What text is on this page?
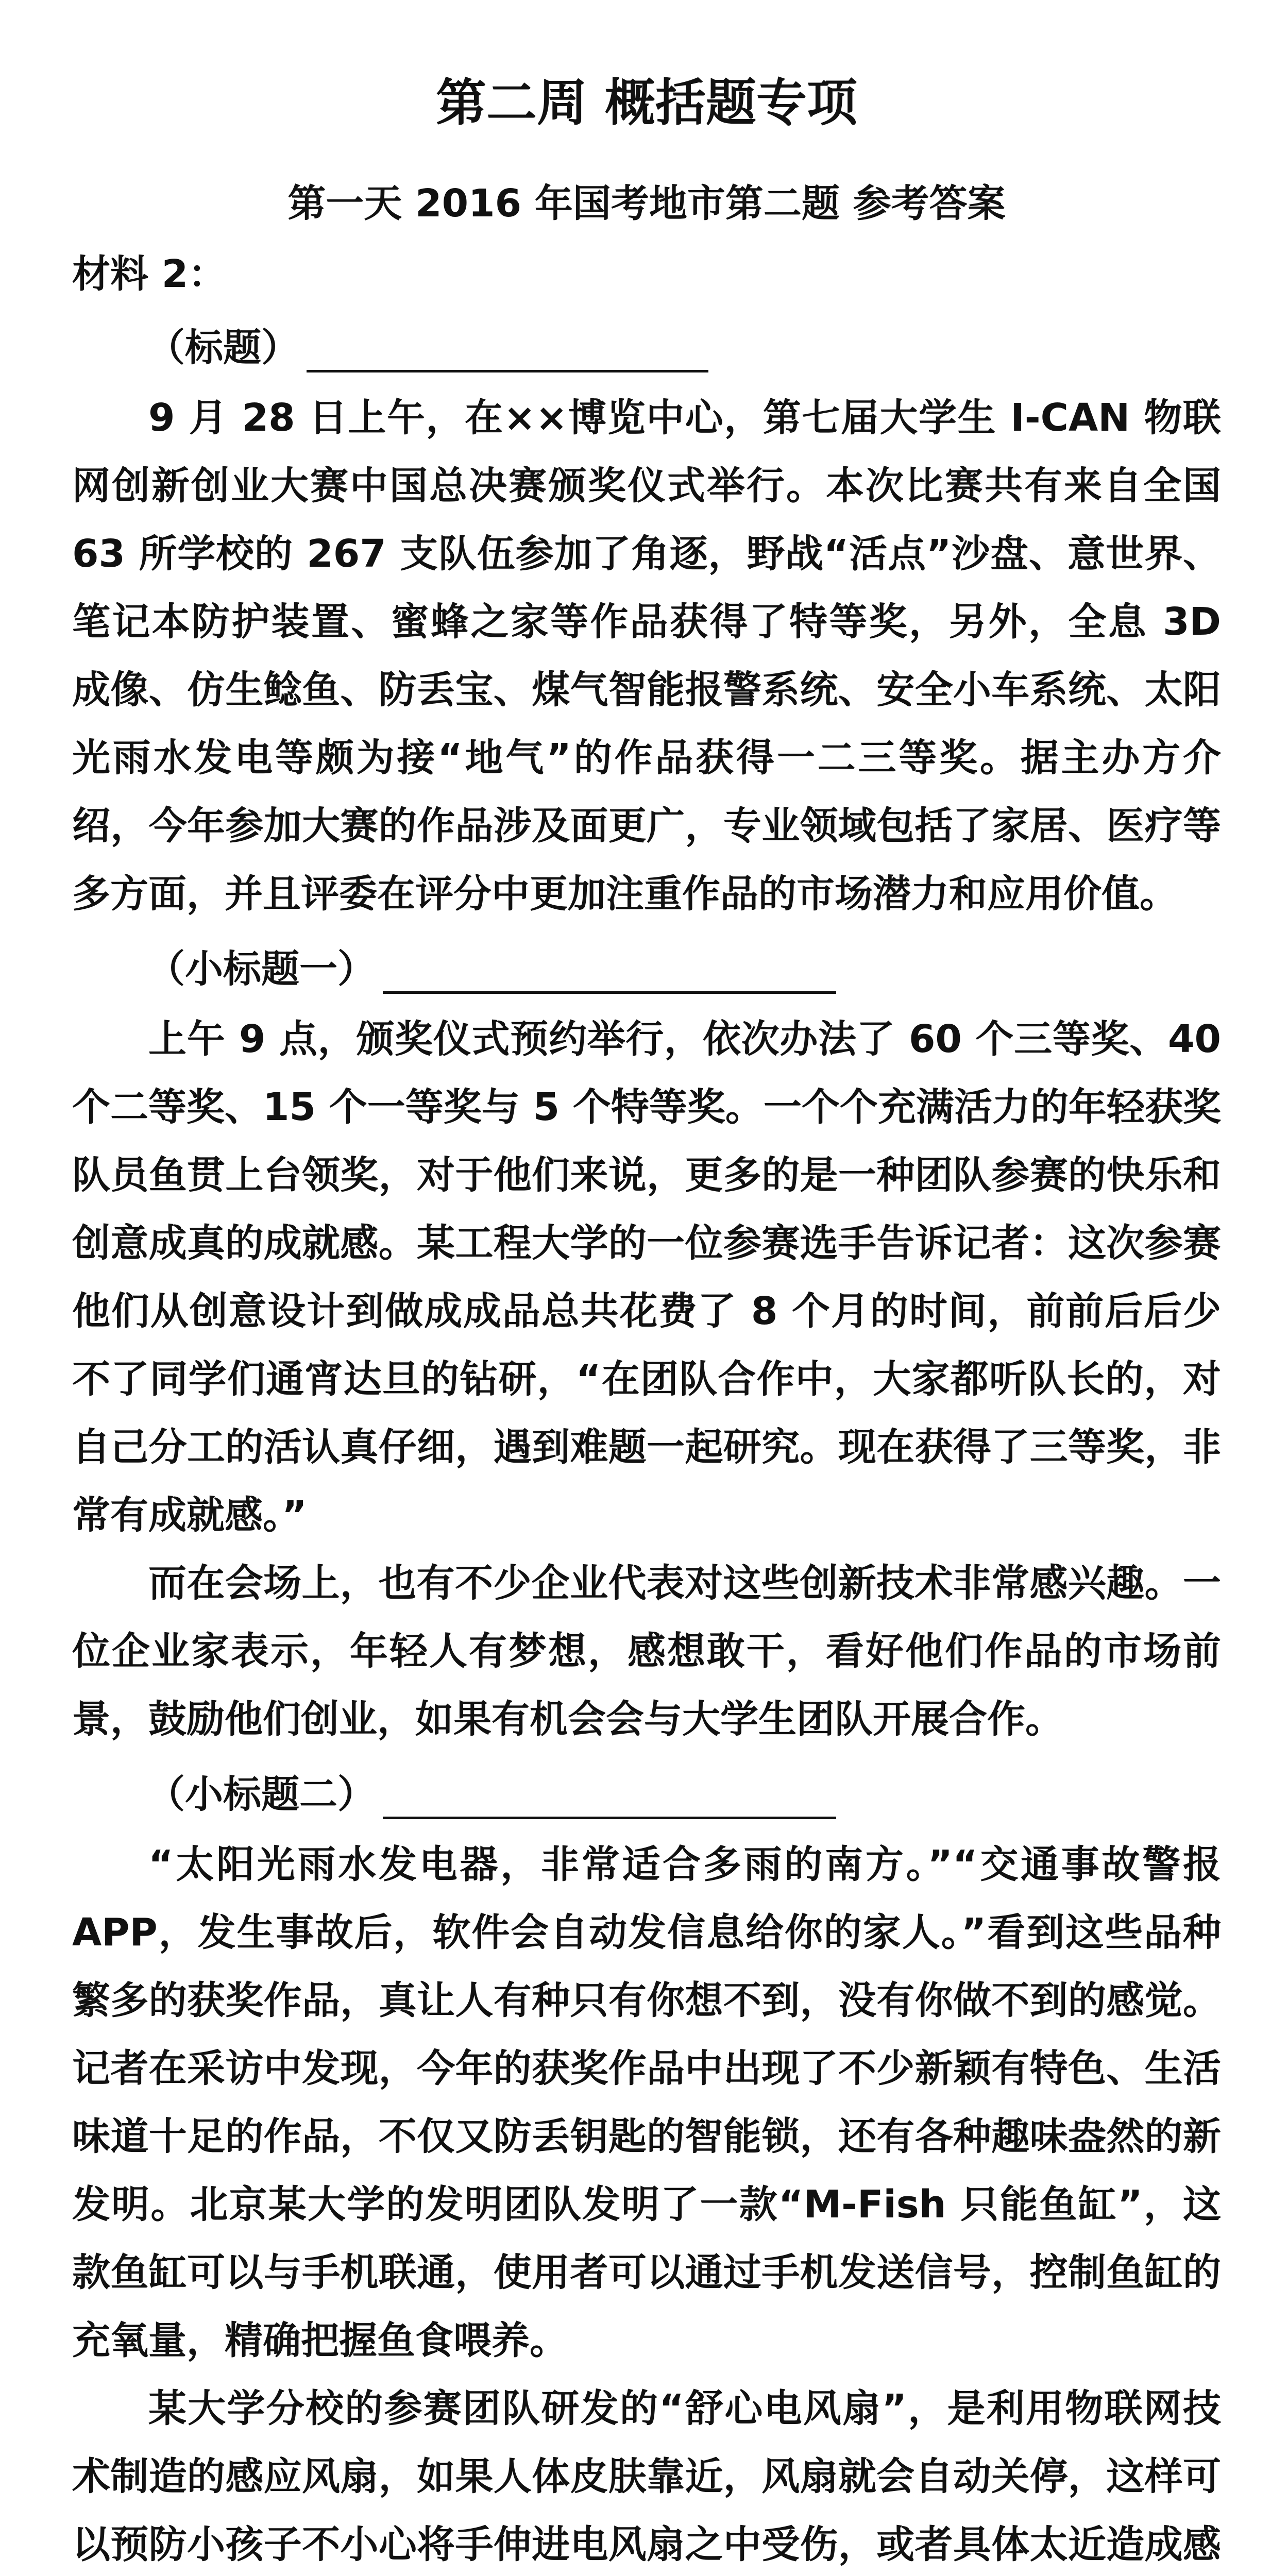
第二周 概括题专项
第一天 2016 年国考地市第二题 参考答案
材料 2：
（标题）

9 月 28 日上午，在××博览中心，第七届大学生 I-CAN 物联网创新创业大赛中国总决赛颁奖仪式举行。本次比赛共有来自全国 63 所学校的 267 支队伍参加了角逐，野战“活点”沙盘、意世界、笔记本防护装置、蜜蜂之家等作品获得了特等奖，另外，全息 3D 成像、仿生鲶鱼、防丢宝、煤气智能报警系统、安全小车系统、太阳光雨水发电等颇为接“地气”的作品获得一二三等奖。据主办方介绍，今年参加大赛的作品涉及面更广，专业领域包括了家居、医疗等多方面，并且评委在评分中更加注重作品的市场潜力和应用价值。

（小标题一）

上午 9 点，颁奖仪式预约举行，依次办法了 60 个三等奖、40 个二等奖、15 个一等奖与 5 个特等奖。一个个充满活力的年轻获奖队员鱼贯上台领奖，对于他们来说，更多的是一种团队参赛的快乐和创意成真的成就感。某工程大学的一位参赛选手告诉记者：这次参赛他们从创意设计到做成成品总共花费了 8 个月的时间，前前后后少不了同学们通宵达旦的钻研，“在团队合作中，大家都听队长的，对自己分工的活认真仔细，遇到难题一起研究。现在获得了三等奖，非常有成就感。”

而在会场上，也有不少企业代表对这些创新技术非常感兴趣。一位企业家表示，年轻人有梦想，感想敢干，看好他们作品的市场前景，鼓励他们创业，如果有机会会与大学生团队开展合作。

（小标题二）

“太阳光雨水发电器，非常适合多雨的南方。”“交通事故警报 APP，发生事故后，软件会自动发信息给你的家人。”看到这些品种繁多的获奖作品，真让人有种只有你想不到，没有你做不到的感觉。记者在采访中发现，今年的获奖作品中出现了不少新颖有特色、生活味道十足的作品，不仅又防丢钥匙的智能锁，还有各种趣味盎然的新发明。北京某大学的发明团队发明了一款“M-Fish 只能鱼缸”，这款鱼缸可以与手机联通，使用者可以通过手机发送信号，控制鱼缸的充氧量，精确把握鱼食喂养。

某大学分校的参赛团队研发的“舒心电风扇”，是利用物联网技术制造的感应风扇，如果人体皮肤靠近，风扇就会自动关停，这样可以预防小孩子不小心将手伸进电风扇之中受伤，或者具体太近造成感
